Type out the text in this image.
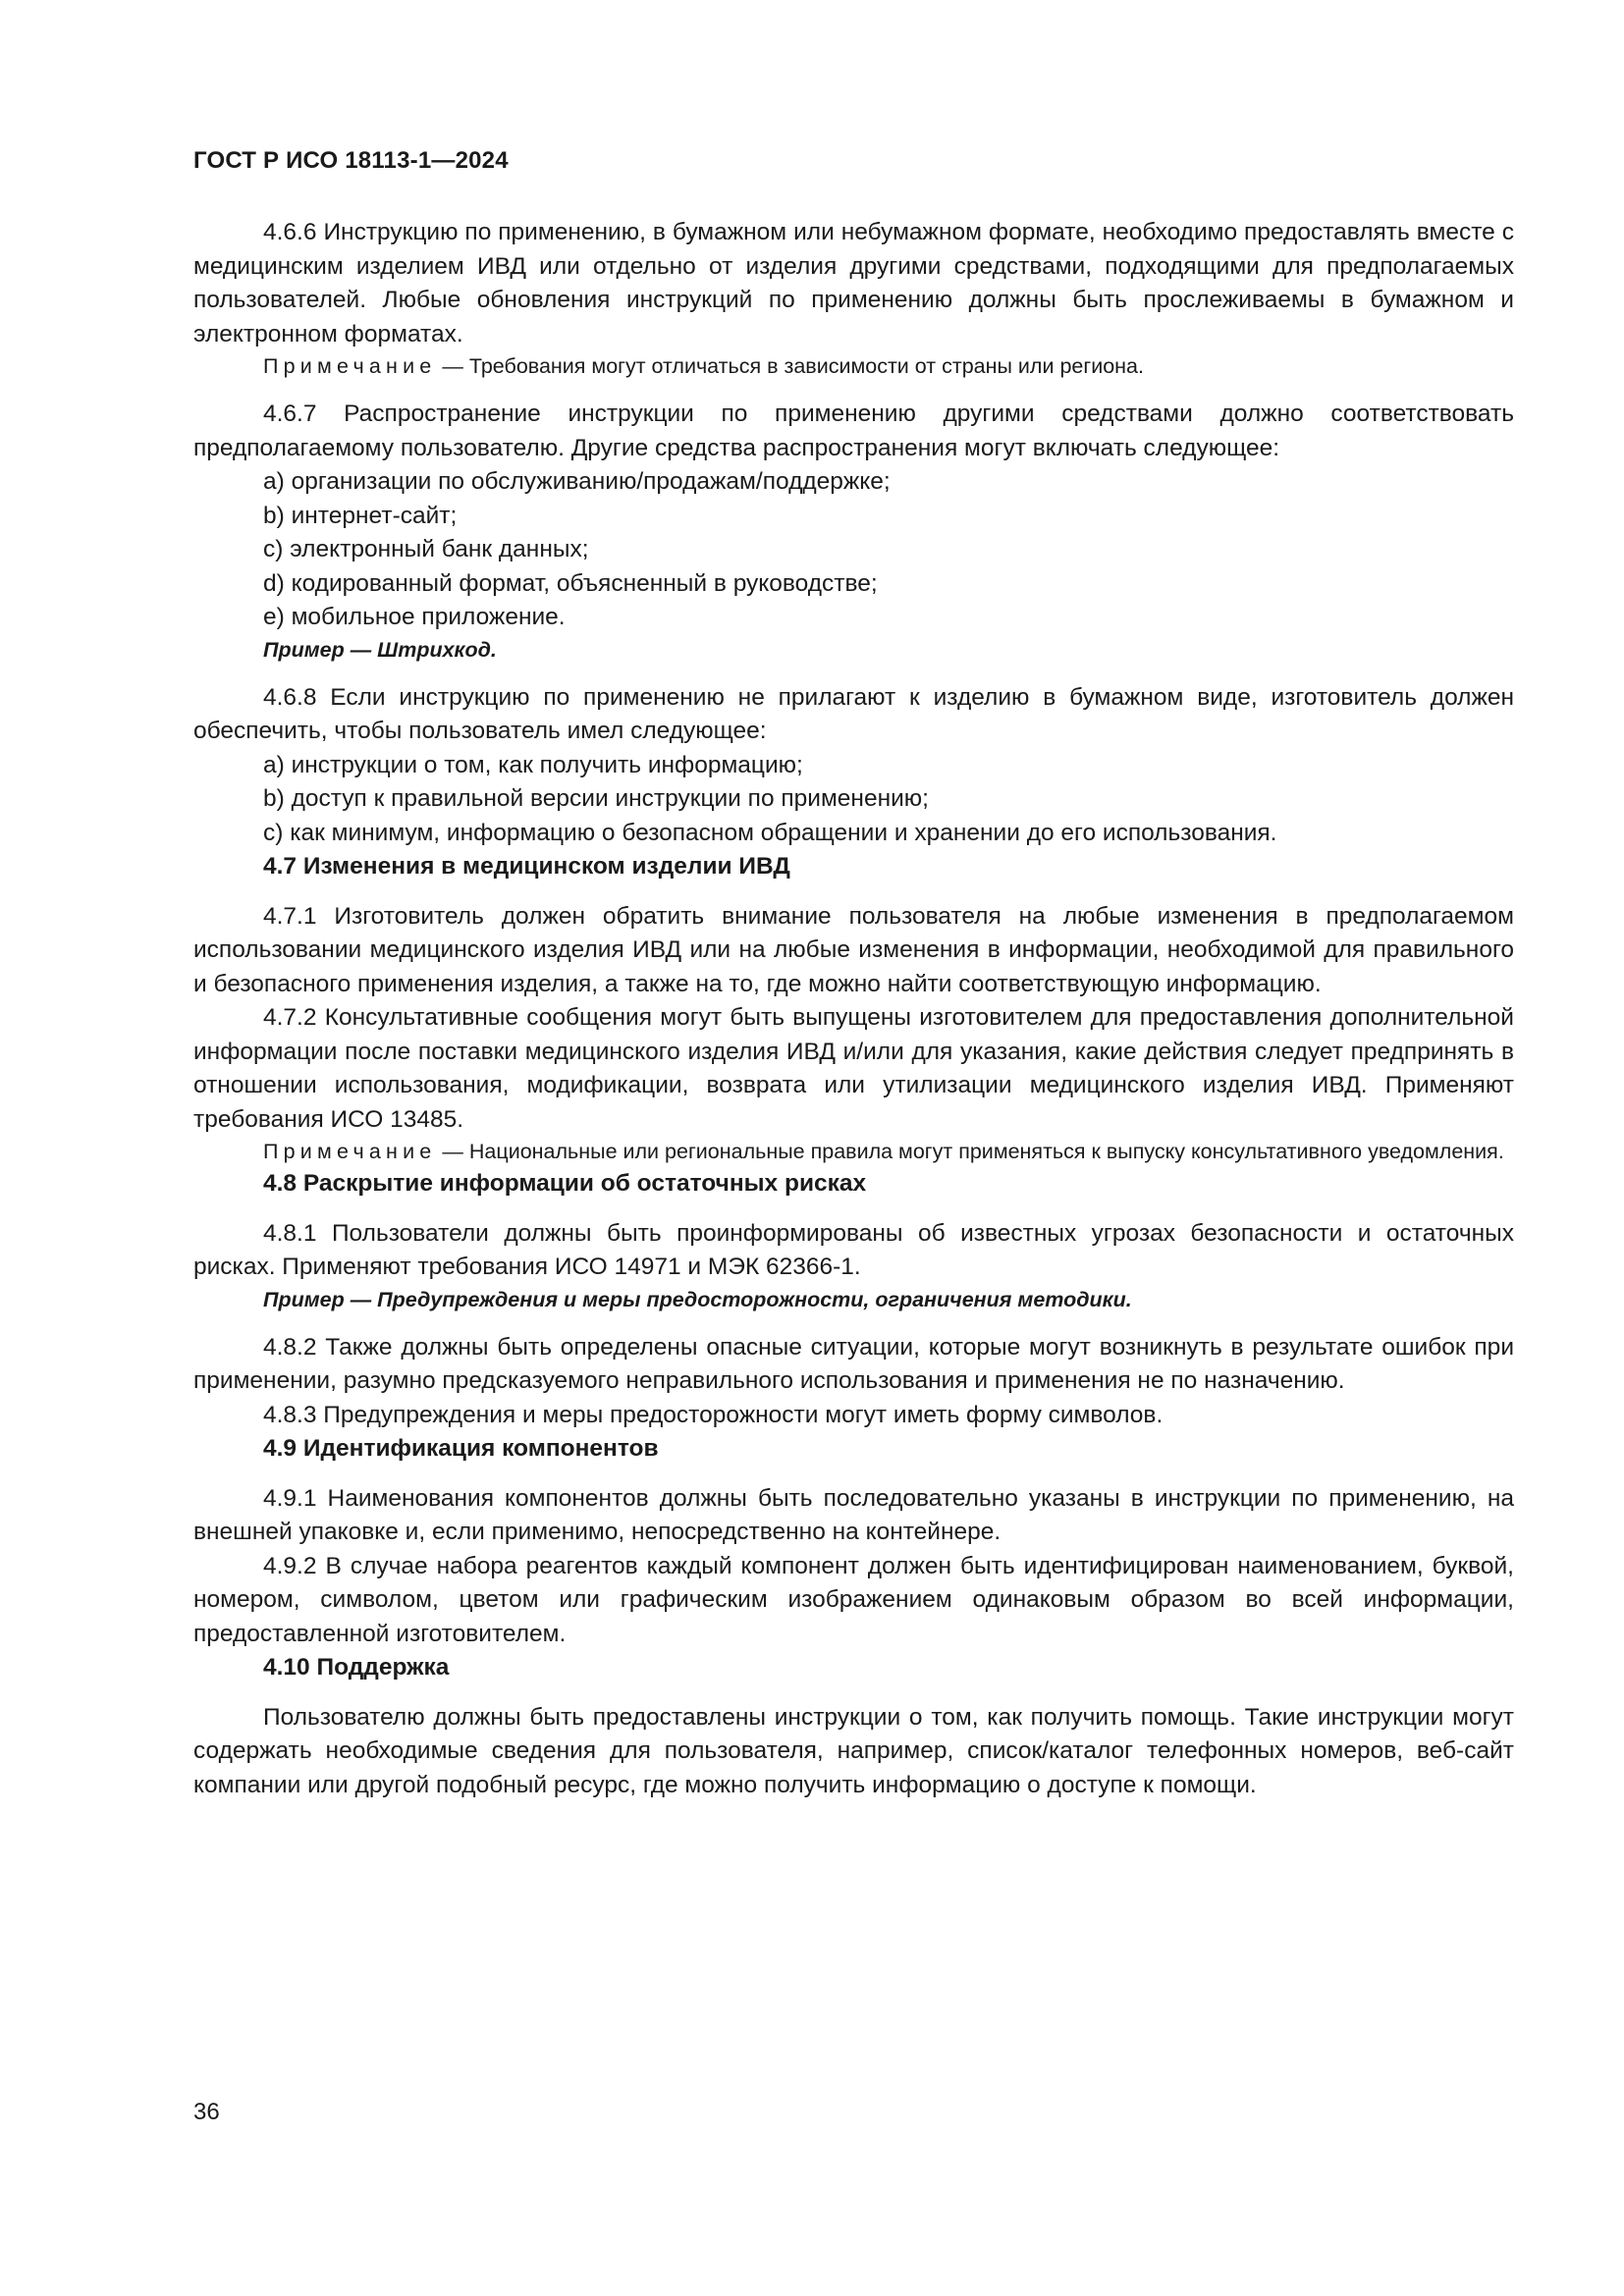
ГОСТ Р ИСО 18113-1—2024

4.6.6 Инструкцию по применению, в бумажном или небумажном формате, необходимо предоставлять вместе с медицинским изделием ИВД или отдельно от изделия другими средствами, подходящими для предполагаемых пользователей. Любые обновления инструкций по применению должны быть прослеживаемы в бумажном и электронном форматах.

Примечание — Требования могут отличаться в зависимости от страны или региона.

4.6.7 Распространение инструкции по применению другими средствами должно соответствовать предполагаемому пользователю. Другие средства распространения могут включать следующее:

a) организации по обслуживанию/продажам/поддержке;
b) интернет-сайт;
c) электронный банк данных;
d) кодированный формат, объясненный в руководстве;
e) мобильное приложение.

Пример — Штрихкод.

4.6.8 Если инструкцию по применению не прилагают к изделию в бумажном виде, изготовитель должен обеспечить, чтобы пользователь имел следующее:

a) инструкции о том, как получить информацию;
b) доступ к правильной версии инструкции по применению;
c) как минимум, информацию о безопасном обращении и хранении до его использования.

4.7 Изменения в медицинском изделии ИВД

4.7.1 Изготовитель должен обратить внимание пользователя на любые изменения в предполагаемом использовании медицинского изделия ИВД или на любые изменения в информации, необходимой для правильного и безопасного применения изделия, а также на то, где можно найти соответствующую информацию.

4.7.2 Консультативные сообщения могут быть выпущены изготовителем для предоставления дополнительной информации после поставки медицинского изделия ИВД и/или для указания, какие действия следует предпринять в отношении использования, модификации, возврата или утилизации медицинского изделия ИВД. Применяют требования ИСО 13485.

Примечание — Национальные или региональные правила могут применяться к выпуску консультативного уведомления.

4.8 Раскрытие информации об остаточных рисках

4.8.1 Пользователи должны быть проинформированы об известных угрозах безопасности и остаточных рисках. Применяют требования ИСО 14971 и МЭК 62366-1.

Пример — Предупреждения и меры предосторожности, ограничения методики.

4.8.2 Также должны быть определены опасные ситуации, которые могут возникнуть в результате ошибок при применении, разумно предсказуемого неправильного использования и применения не по назначению.

4.8.3 Предупреждения и меры предосторожности могут иметь форму символов.

4.9 Идентификация компонентов

4.9.1 Наименования компонентов должны быть последовательно указаны в инструкции по применению, на внешней упаковке и, если применимо, непосредственно на контейнере.

4.9.2 В случае набора реагентов каждый компонент должен быть идентифицирован наименованием, буквой, номером, символом, цветом или графическим изображением одинаковым образом во всей информации, предоставленной изготовителем.

4.10 Поддержка

Пользователю должны быть предоставлены инструкции о том, как получить помощь. Такие инструкции могут содержать необходимые сведения для пользователя, например, список/каталог телефонных номеров, веб-сайт компании или другой подобный ресурс, где можно получить информацию о доступе к помощи.

36
